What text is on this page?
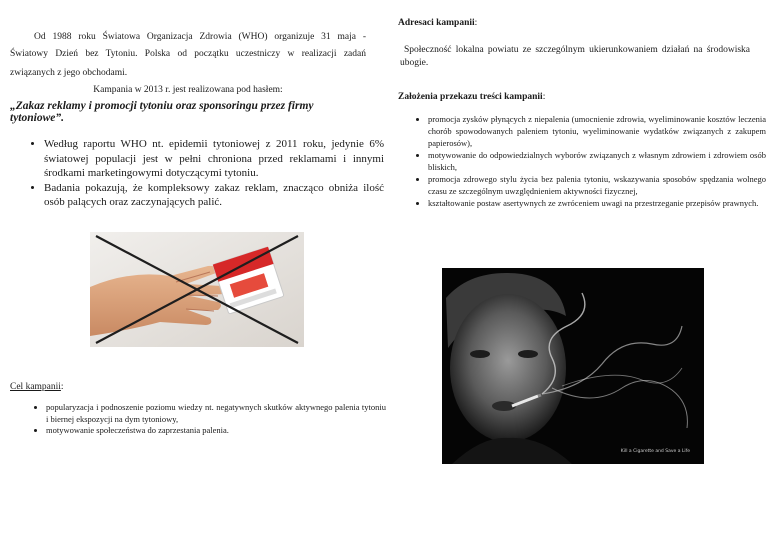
Od 1988 roku Światowa Organizacja Zdrowia (WHO) organizuje 31 maja -

Światowy Dzień bez Tytoniu. Polska od początku uczestniczy w realizacji zadań

związanych z jego obchodami.

Kampania w 2013 r. jest realizowana pod hasłem:

„Zakaz reklamy i promocji tytoniu oraz sponsoringu przez firmy tytoniowe”.

• Według raportu WHO nt. epidemii tytoniowej z 2011 roku, jedynie 6% światowej populacji jest w pełni chroniona przed reklamami i innymi środkami marketingowymi dotyczącymi tytoniu.
• Badania pokazują, że kompleksowy zakaz reklam, znacząco obniża ilość osób palących oraz zaczynających palić.

Cel kampanii:

• popularyzacja i podnoszenie poziomu wiedzy nt. negatywnych skutków aktywnego palenia tytoniu i biernej ekspozycji na dym tytoniowy,
• motywowanie społeczeństwa do zaprzestania palenia.

Adresaci kampanii:

Społeczność lokalna powiatu ze szczególnym ukierunkowaniem działań na środowiska ubogie.

Założenia przekazu treści kampanii:

• promocja zysków płynących z niepalenia (umocnienie zdrowia, wyeliminowanie kosztów leczenia chorób spowodowanych paleniem tytoniu, wyeliminowanie wydatków związanych z zakupem papierosów),
• motywowanie do odpowiedzialnych wyborów związanych z własnym zdrowiem i zdrowiem osób bliskich,
• promocja zdrowego stylu życia bez palenia tytoniu, wskazywania sposobów spędzania wolnego czasu ze szczególnym uwzględnieniem aktywności fizycznej,
• kształtowanie postaw asertywnych ze zwróceniem uwagi na przestrzeganie przepisów prawnych.
Kill a Cigarette and Save a Life
